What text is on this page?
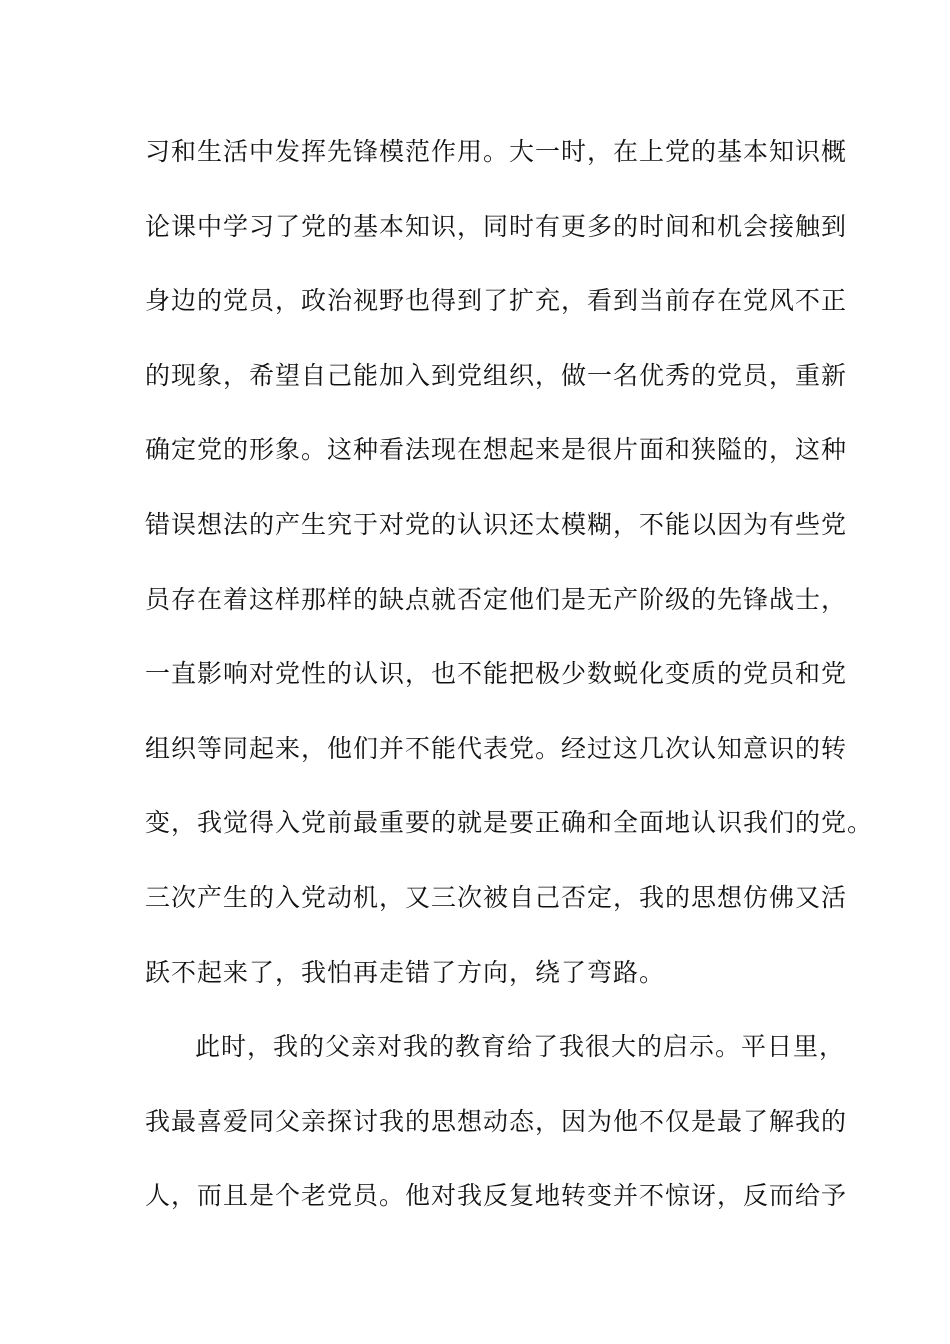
习和生活中发挥先锋模范作用。大一时，在上党的基本知识概
论课中学习了党的基本知识，同时有更多的时间和机会接触到
身边的党员，政治视野也得到了扩充，看到当前存在党风不正
的现象，希望自己能加入到党组织，做一名优秀的党员，重新
确定党的形象。这种看法现在想起来是很片面和狭隘的，这种
错误想法的产生究于对党的认识还太模糊，不能以因为有些党
员存在着这样那样的缺点就否定他们是无产阶级的先锋战士，
一直影响对党性的认识，也不能把极少数蜕化变质的党员和党
组织等同起来，他们并不能代表党。经过这几次认知意识的转
变，我觉得入党前最重要的就是要正确和全面地认识我们的党。
三次产生的入党动机，又三次被自己否定，我的思想仿佛又活
跃不起来了，我怕再走错了方向，绕了弯路。
此时，我的父亲对我的教育给了我很大的启示。平日里，
我最喜爱同父亲探讨我的思想动态，因为他不仅是最了解我的
人，而且是个老党员。他对我反复地转变并不惊讶，反而给予
